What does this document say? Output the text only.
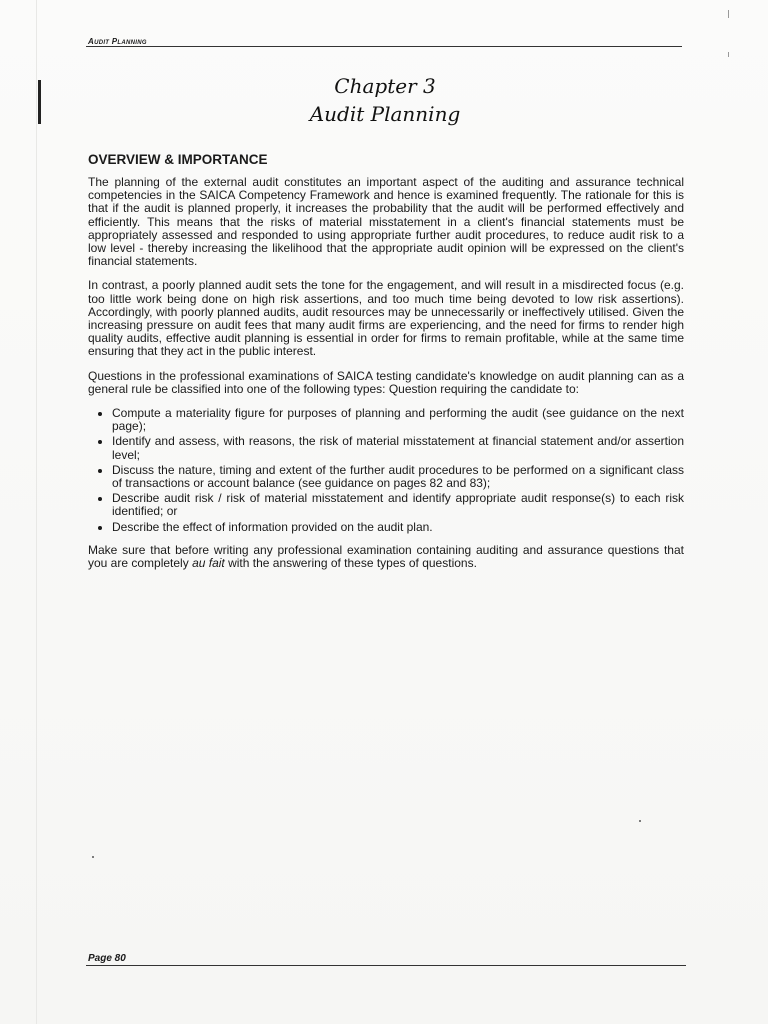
Audit Planning
Chapter 3
Audit Planning
OVERVIEW & IMPORTANCE

The planning of the external audit constitutes an important aspect of the auditing and assurance technical competencies in the SAICA Competency Framework and hence is examined frequently. The rationale for this is that if the audit is planned properly, it increases the probability that the audit will be performed effectively and efficiently. This means that the risks of material misstatement in a client's financial statements must be appropriately assessed and responded to using appropriate further audit procedures, to reduce audit risk to a low level - thereby increasing the likelihood that the appropriate audit opinion will be expressed on the client's financial statements.

In contrast, a poorly planned audit sets the tone for the engagement, and will result in a misdirected focus (e.g. too little work being done on high risk assertions, and too much time being devoted to low risk assertions). Accordingly, with poorly planned audits, audit resources may be unnecessarily or ineffectively utilised. Given the increasing pressure on audit fees that many audit firms are experiencing, and the need for firms to render high quality audits, effective audit planning is essential in order for firms to remain profitable, while at the same time ensuring that they act in the public interest.

Questions in the professional examinations of SAICA testing candidate's knowledge on audit planning can as a general rule be classified into one of the following types: Question requiring the candidate to:

• Compute a materiality figure for purposes of planning and performing the audit (see guidance on the next page);
• Identify and assess, with reasons, the risk of material misstatement at financial statement and/or assertion level;
• Discuss the nature, timing and extent of the further audit procedures to be performed on a significant class of transactions or account balance (see guidance on pages 82 and 83);
• Describe audit risk / risk of material misstatement and identify appropriate audit response(s) to each risk identified; or
• Describe the effect of information provided on the audit plan.

Make sure that before writing any professional examination containing auditing and assurance questions that you are completely au fait with the answering of these types of questions.

Page 80
